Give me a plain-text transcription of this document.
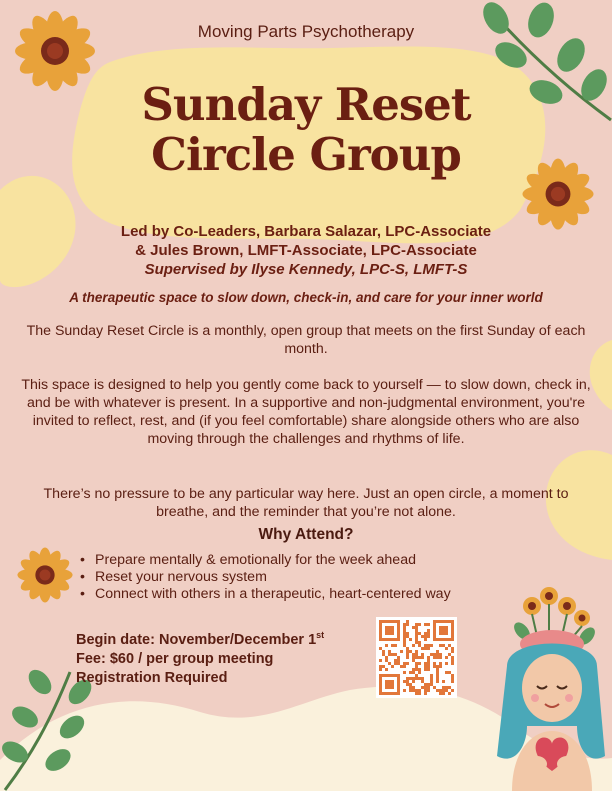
Moving Parts Psychotherapy
Sunday Reset
Circle Group
Led by Co-Leaders, Barbara Salazar, LPC-Associate
& Jules Brown, LMFT-Associate, LPC-Associate
Supervised by Ilyse Kennedy, LPC-S, LMFT-S
A therapeutic space to slow down, check-in, and care for your inner world
The Sunday Reset Circle is a monthly, open group that meets on the first Sunday of each month.
This space is designed to help you gently come back to yourself — to slow down, check in, and be with whatever is present. In a supportive and non-judgmental environment, you're invited to reflect, rest, and (if you feel comfortable) share alongside others who are also moving through the challenges and rhythms of life.
There’s no pressure to be any particular way here. Just an open circle, a moment to breathe, and the reminder that you’re not alone.
Why Attend?
• Prepare mentally & emotionally for the week ahead
• Reset your nervous system
• Connect with others in a therapeutic, heart-centered way
Begin date: November/December 1st
Fee: $60 / per group meeting
Registration Required
